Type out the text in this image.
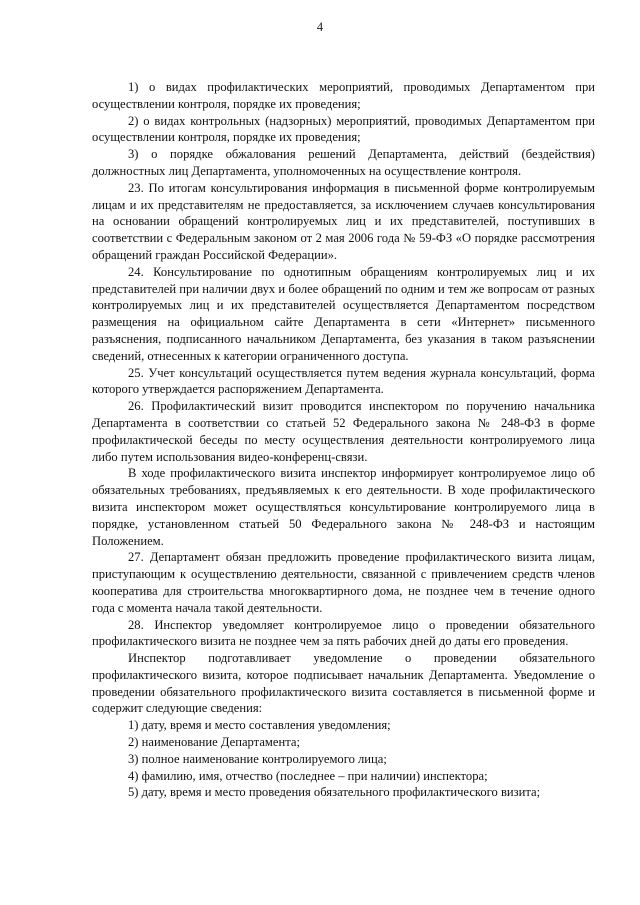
4

1) о видах профилактических мероприятий, проводимых Департаментом при осуществлении контроля, порядке их проведения;

2) о видах контрольных (надзорных) мероприятий, проводимых Департаментом при осуществлении контроля, порядке их проведения;

3) о порядке обжалования решений Департамента, действий (бездействия) должностных лиц Департамента, уполномоченных на осуществление контроля.

23. По итогам консультирования информация в письменной форме контролируемым лицам и их представителям не предоставляется, за исключением случаев консультирования на основании обращений контролируемых лиц и их представителей, поступивших в соответствии с Федеральным законом от 2 мая 2006 года № 59-ФЗ «О порядке рассмотрения обращений граждан Российской Федерации».

24. Консультирование по однотипным обращениям контролируемых лиц и их представителей при наличии двух и более обращений по одним и тем же вопросам от разных контролируемых лиц и их представителей осуществляется Департаментом посредством размещения на официальном сайте Департамента в сети «Интернет» письменного разъяснения, подписанного начальником Департамента, без указания в таком разъяснении сведений, отнесенных к категории ограниченного доступа.

25. Учет консультаций осуществляется путем ведения журнала консультаций, форма которого утверждается распоряжением Департамента.

26. Профилактический визит проводится инспектором по поручению начальника Департамента в соответствии со статьей 52 Федерального закона № 248-ФЗ в форме профилактической беседы по месту осуществления деятельности контролируемого лица либо путем использования видео-конференц-связи.

В ходе профилактического визита инспектор информирует контролируемое лицо об обязательных требованиях, предъявляемых к его деятельности. В ходе профилактического визита инспектором может осуществляться консультирование контролируемого лица в порядке, установленном статьей 50 Федерального закона № 248-ФЗ и настоящим Положением.

27. Департамент обязан предложить проведение профилактического визита лицам, приступающим к осуществлению деятельности, связанной с привлечением средств членов кооператива для строительства многоквартирного дома, не позднее чем в течение одного года с момента начала такой деятельности.

28. Инспектор уведомляет контролируемое лицо о проведении обязательного профилактического визита не позднее чем за пять рабочих дней до даты его проведения.

Инспектор подготавливает уведомление о проведении обязательного профилактического визита, которое подписывает начальник Департамента. Уведомление о проведении обязательного профилактического визита составляется в письменной форме и содержит следующие сведения:

1) дату, время и место составления уведомления;

2) наименование Департамента;

3) полное наименование контролируемого лица;

4) фамилию, имя, отчество (последнее – при наличии) инспектора;

5) дату, время и место проведения обязательного профилактического визита;
